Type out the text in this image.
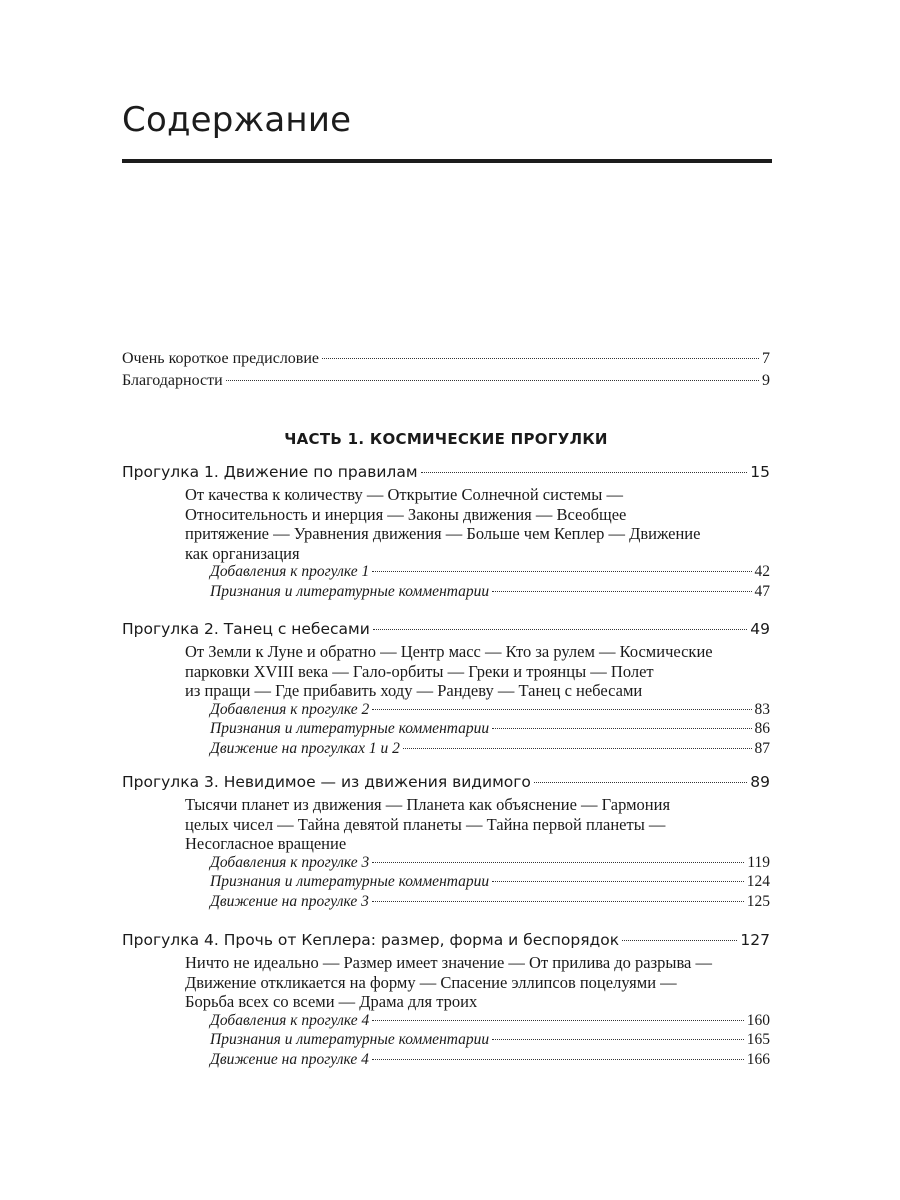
Содержание
Очень короткое предисловие	7
Благодарности	9
ЧАСТЬ 1. КОСМИЧЕСКИЕ ПРОГУЛКИ
Прогулка 1. Движение по правилам	15
От качества к количеству — Открытие Солнечной системы —
Относительность и инерция — Законы движения — Всеобщее
притяжение — Уравнения движения — Больше чем Кеплер — Движение
как организация
Добавления к прогулке 1	42
Признания и литературные комментарии	47
Прогулка 2. Танец с небесами	49
От Земли к Луне и обратно — Центр масс — Кто за рулем — Космические
парковки XVIII века — Гало-орбиты — Греки и троянцы — Полет
из пращи — Где прибавить ходу — Рандеву — Танец с небесами
Добавления к прогулке 2	83
Признания и литературные комментарии	86
Движение на прогулках 1 и 2	87
Прогулка 3. Невидимое — из движения видимого	89
Тысячи планет из движения — Планета как объяснение — Гармония
целых чисел — Тайна девятой планеты — Тайна первой планеты —
Несогласное вращение
Добавления к прогулке 3	119
Признания и литературные комментарии	124
Движение на прогулке 3	125
Прогулка 4. Прочь от Кеплера: размер, форма и беспорядок	127
Ничто не идеально — Размер имеет значение — От прилива до разрыва —
Движение откликается на форму — Спасение эллипсов поцелуями —
Борьба всех со всеми — Драма для троих
Добавления к прогулке 4	160
Признания и литературные комментарии	165
Движение на прогулке 4	166
